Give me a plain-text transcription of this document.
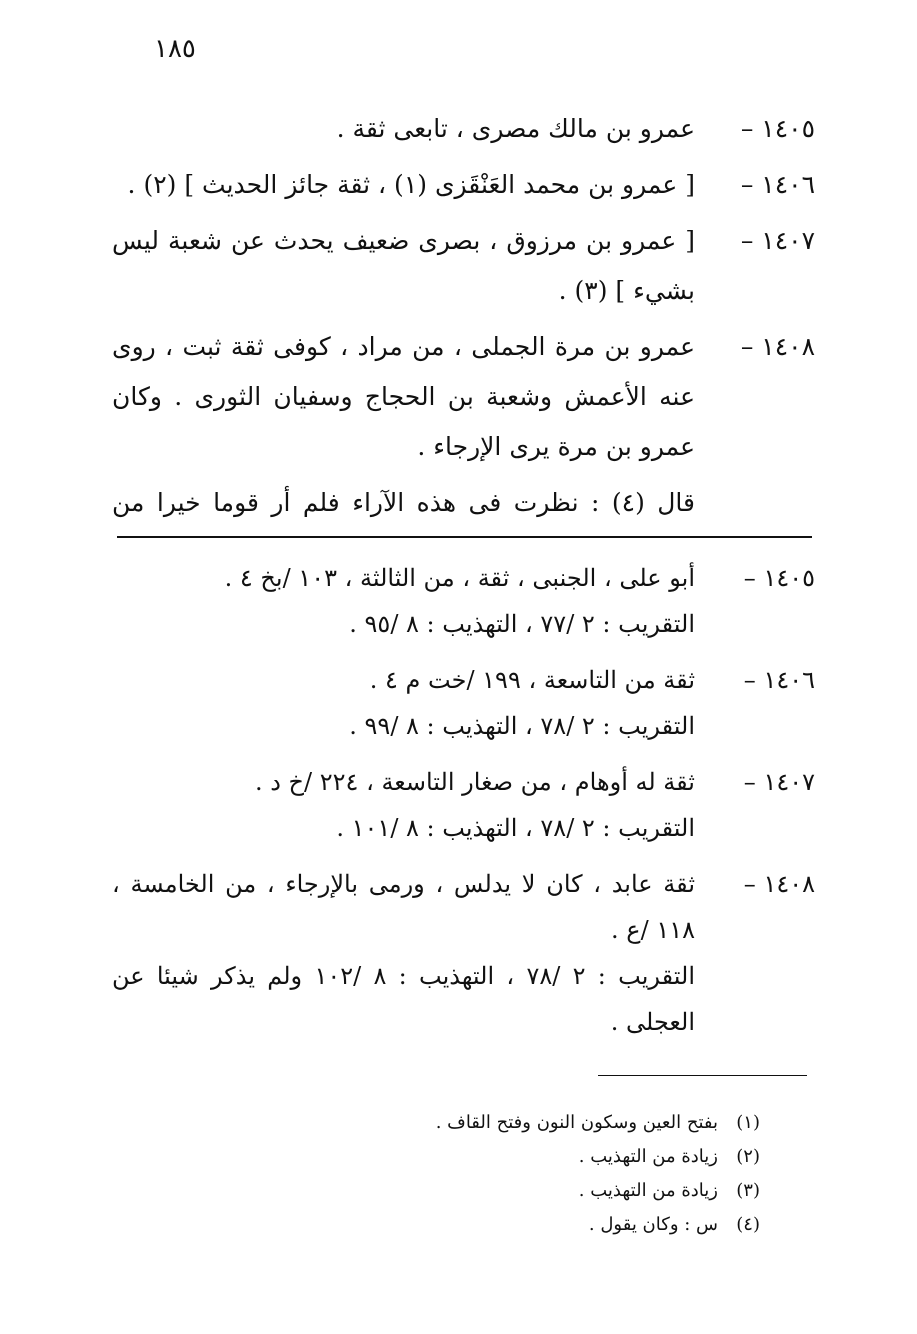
١٨٥
١٤٠٥ –
عمرو بن مالك مصرى ، تابعى ثقة .
١٤٠٦ –
[ عمرو بن محمد العَنْقَزى (١) ، ثقة جائز الحديث ] (٢) .
١٤٠٧ –
[ عمرو بن مرزوق ، بصرى ضعيف يحدث عن شعبة ليس بشيء ] (٣) .
١٤٠٨ –
عمرو بن مرة الجملى ، من مراد ، كوفى ثقة ثبت ، روى عنه الأعمش وشعبة بن الحجاج وسفيان الثورى . وكان عمرو بن مرة يرى الإرجاء .
قال (٤) : نظرت فى هذه الآراء فلم أر قوما خيرا من
١٤٠٥ –
أبو على ، الجنبى ، ثقة ، من الثالثة ، ١٠٣ /بخ ٤ .
التقريب : ٢ /٧٧ ، التهذيب : ٨ /٩٥ .
١٤٠٦ –
ثقة من التاسعة ، ١٩٩ /خت م ٤ .
التقريب : ٢ /٧٨ ، التهذيب : ٨ /٩٩ .
١٤٠٧ –
ثقة له أوهام ، من صغار التاسعة ، ٢٢٤ /خ د .
التقريب : ٢ /٧٨ ، التهذيب : ٨ /١٠١ .
١٤٠٨ –
ثقة عابد ، كان لا يدلس ، ورمى بالإرجاء ، من الخامسة ، ١١٨ /ع .
التقريب : ٢ /٧٨ ، التهذيب : ٨ /١٠٢ ولم يذكر شيئا عن العجلى .
(١)
بفتح العين وسكون النون وفتح القاف .
(٢)
زيادة من التهذيب .
(٣)
زيادة من التهذيب .
(٤)
س : وكان يقول .
